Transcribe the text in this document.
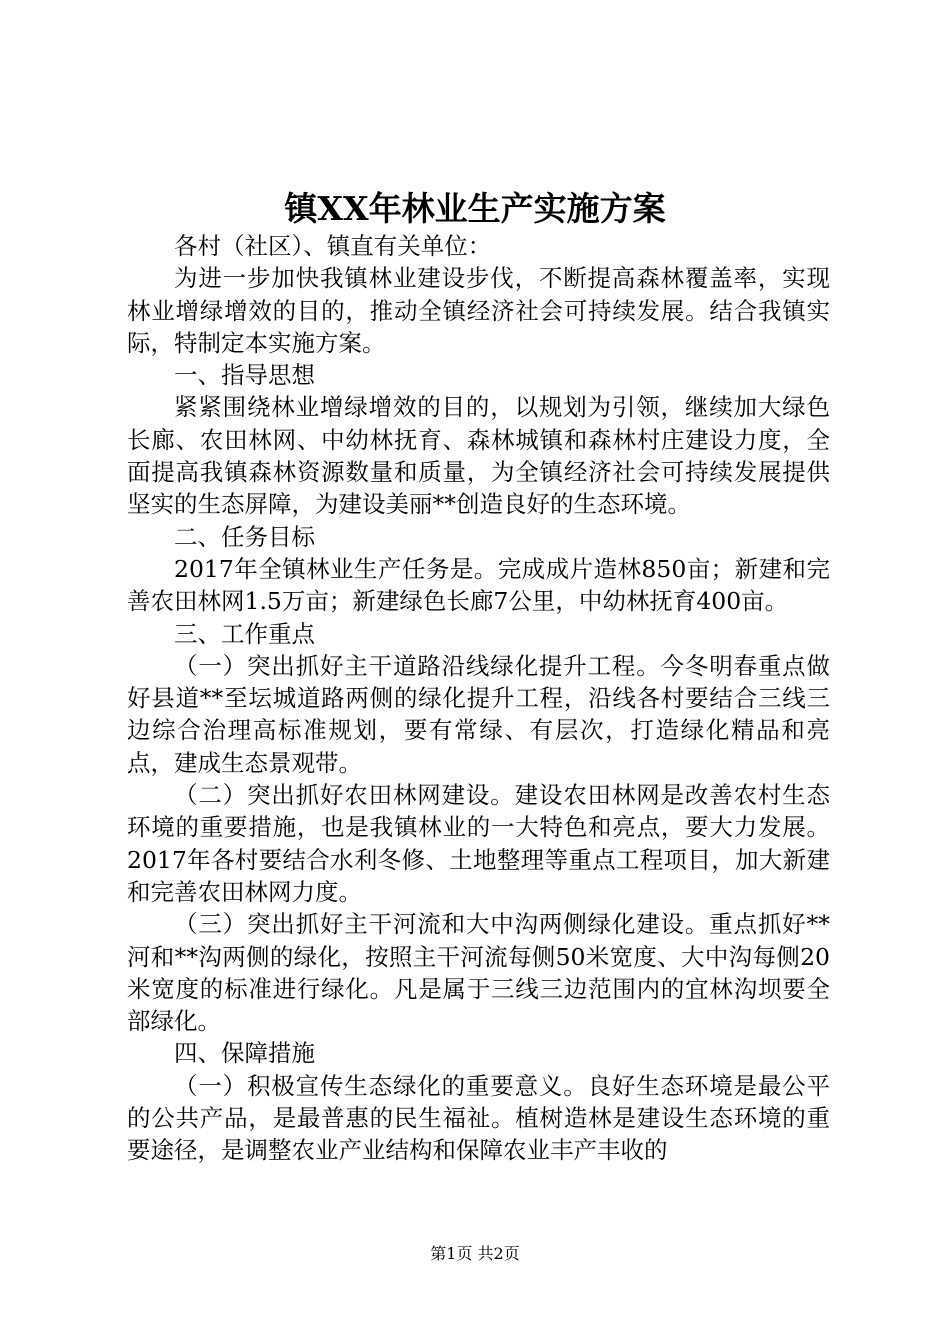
镇XX年林业生产实施方案

各村（社区）、镇直有关单位：

为进一步加快我镇林业建设步伐，不断提高森林覆盖率，实现林业增绿增效的目的，推动全镇经济社会可持续发展。结合我镇实际，特制定本实施方案。

一、指导思想

紧紧围绕林业增绿增效的目的，以规划为引领，继续加大绿色长廊、农田林网、中幼林抚育、森林城镇和森林村庄建设力度，全面提高我镇森林资源数量和质量，为全镇经济社会可持续发展提供坚实的生态屏障，为建设美丽**创造良好的生态环境。

二、任务目标

2017年全镇林业生产任务是。完成成片造林850亩；新建和完善农田林网1.5万亩；新建绿色长廊7公里，中幼林抚育400亩。

三、工作重点

（一）突出抓好主干道路沿线绿化提升工程。今冬明春重点做好县道**至坛城道路两侧的绿化提升工程，沿线各村要结合三线三边综合治理高标准规划，要有常绿、有层次，打造绿化精品和亮点，建成生态景观带。

（二）突出抓好农田林网建设。建设农田林网是改善农村生态环境的重要措施，也是我镇林业的一大特色和亮点，要大力发展。2017年各村要结合水利冬修、土地整理等重点工程项目，加大新建和完善农田林网力度。

（三）突出抓好主干河流和大中沟两侧绿化建设。重点抓好**河和**沟两侧的绿化，按照主干河流每侧50米宽度、大中沟每侧20米宽度的标准进行绿化。凡是属于三线三边范围内的宜林沟坝要全部绿化。

四、保障措施

（一）积极宣传生态绿化的重要意义。良好生态环境是最公平的公共产品，是最普惠的民生福祉。植树造林是建设生态环境的重要途径，是调整农业产业结构和保障农业丰产丰收的

第1页 共2页
